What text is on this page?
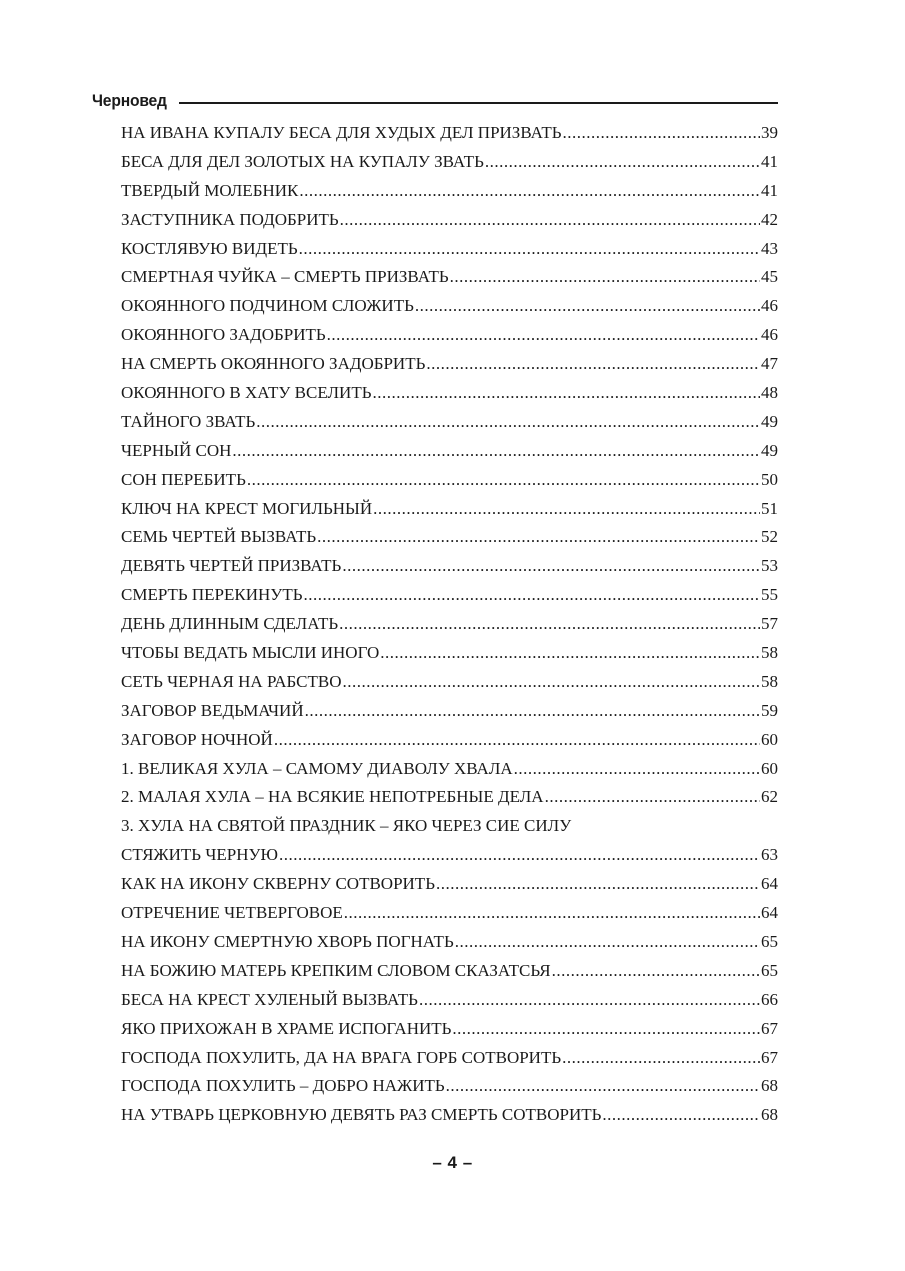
Черновед
НА ИВАНА КУПАЛУ БЕСА ДЛЯ ХУДЫХ ДЕЛ ПРИЗВАТЬ .....	39
БЕСА ДЛЯ ДЕЛ ЗОЛОТЫХ НА КУПАЛУ ЗВАТЬ .....	41
ТВЕРДЫЙ МОЛЕБНИК .....	41
ЗАСТУПНИКА ПОДОБРИТЬ .....	42
КОСТЛЯВУЮ ВИДЕТЬ .....	43
СМЕРТНАЯ ЧУЙКА – СМЕРТЬ ПРИЗВАТЬ .....	45
ОКОЯННОГО ПОДЧИНОМ СЛОЖИТЬ .....	46
ОКОЯННОГО ЗАДОБРИТЬ .....	46
НА СМЕРТЬ ОКОЯННОГО ЗАДОБРИТЬ .....	47
ОКОЯННОГО В ХАТУ ВСЕЛИТЬ .....	48
ТАЙНОГО ЗВАТЬ .....	49
ЧЕРНЫЙ СОН .....	49
СОН ПЕРЕБИТЬ .....	50
КЛЮЧ НА КРЕСТ МОГИЛЬНЫЙ .....	51
СЕМЬ ЧЕРТЕЙ ВЫЗВАТЬ .....	52
ДЕВЯТЬ ЧЕРТЕЙ ПРИЗВАТЬ .....	53
СМЕРТЬ ПЕРЕКИНУТЬ .....	55
ДЕНЬ ДЛИННЫМ СДЕЛАТЬ .....	57
ЧТОБЫ ВЕДАТЬ МЫСЛИ ИНОГО .....	58
СЕТЬ ЧЕРНАЯ НА РАБСТВО .....	58
ЗАГОВОР ВЕДЬМАЧИЙ .....	59
ЗАГОВОР НОЧНОЙ .....	60
1. ВЕЛИКАЯ ХУЛА – САМОМУ ДИАВОЛУ ХВАЛА .....	60
2. МАЛАЯ ХУЛА – НА ВСЯКИЕ НЕПОТРЕБНЫЕ ДЕЛА .....	62
3. ХУЛА НА СВЯТОЙ ПРАЗДНИК – ЯКО ЧЕРЕЗ СИЕ СИЛУ
СТЯЖИТЬ ЧЕРНУЮ .....	63
КАК НА ИКОНУ СКВЕРНУ СОТВОРИТЬ .....	64
ОТРЕЧЕНИЕ ЧЕТВЕРГОВОЕ .....	64
НА ИКОНУ СМЕРТНУЮ ХВОРЬ ПОГНАТЬ .....	65
НА БОЖИЮ МАТЕРЬ КРЕПКИМ СЛОВОМ СКАЗАТСЬЯ .....	65
БЕСА НА КРЕСТ ХУЛЕНЫЙ ВЫЗВАТЬ .....	66
ЯКО ПРИХОЖАН В ХРАМЕ ИСПОГАНИТЬ .....	67
ГОСПОДА ПОХУЛИТЬ, ДА НА ВРАГА ГОРБ СОТВОРИТЬ .....	67
ГОСПОДА ПОХУЛИТЬ – ДОБРО НАЖИТЬ .....	68
НА УТВАРЬ ЦЕРКОВНУЮ ДЕВЯТЬ РАЗ СМЕРТЬ СОТВОРИТЬ .....	68
– 4 –
